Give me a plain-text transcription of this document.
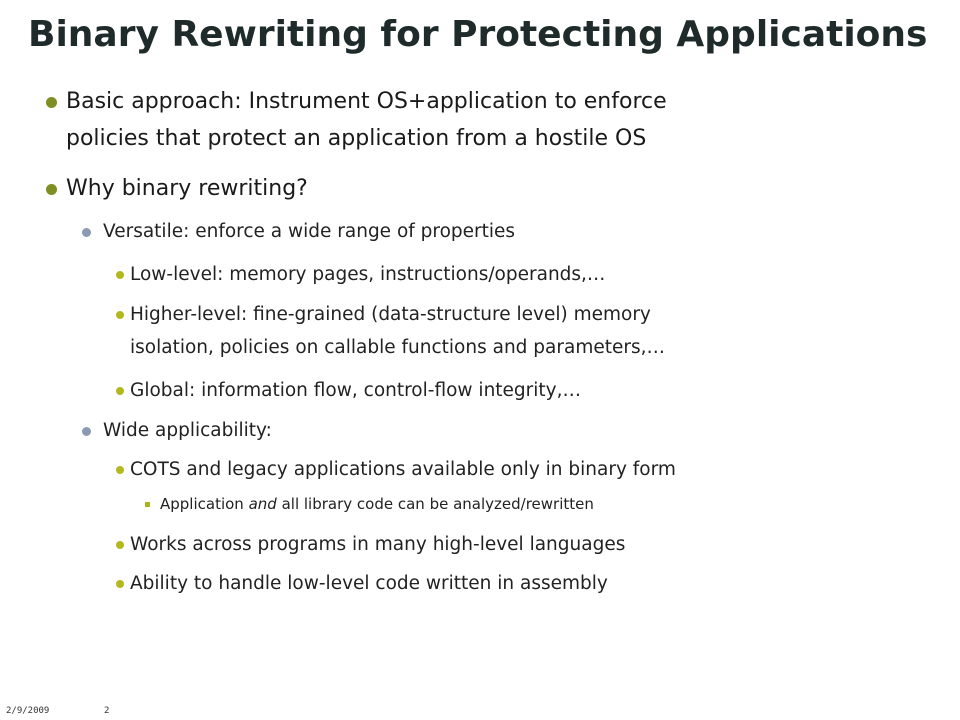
Binary Rewriting for Protecting Applications
Basic approach: Instrument OS+application to enforce
policies that protect an application from a hostile OS
Why binary rewriting?
Versatile: enforce a wide range of properties
Low-level: memory pages, instructions/operands,…
Higher-level: fine-grained (data-structure level) memory
isolation, policies on callable functions and parameters,…
Global: information flow, control-flow integrity,…
Wide applicability:
COTS and legacy applications available only in binary form
Application and all library code can be analyzed/rewritten
Works across programs in many high-level languages
Ability to handle low-level code written in assembly
2/9/2009	2
